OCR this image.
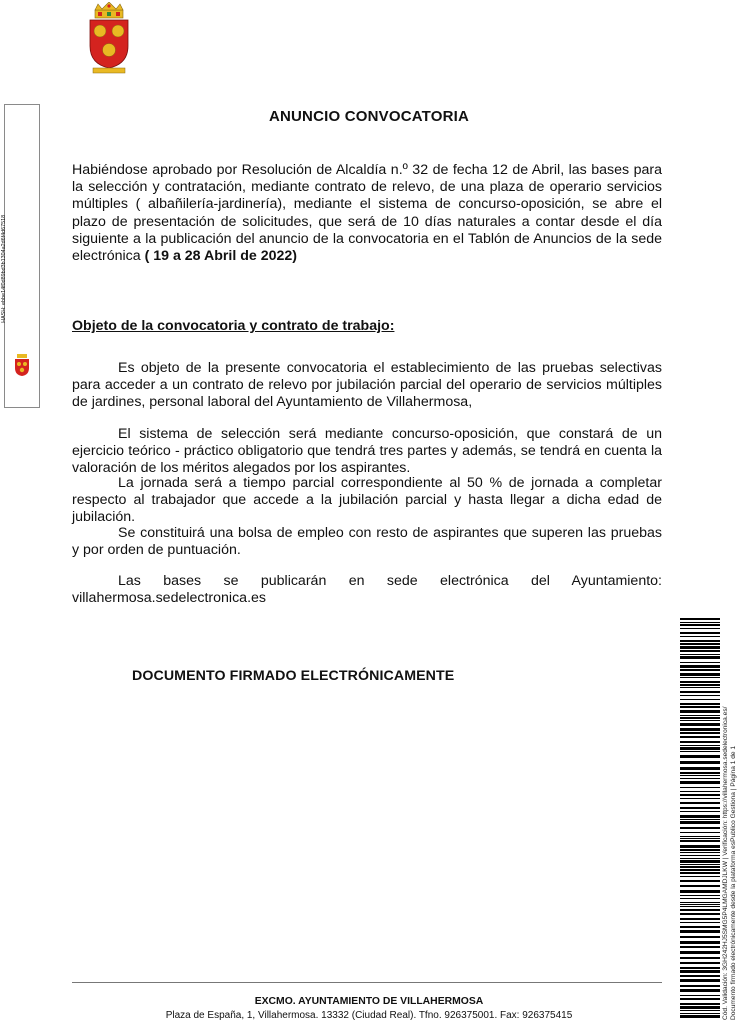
HASH: ebbe14f0d89bd3b1304a2d6f4d67518
ANUNCIO CONVOCATORIA
Habiéndose aprobado por Resolución de Alcaldía n.º 32 de fecha 12 de Abril, las bases para la selección y contratación, mediante contrato de relevo, de una plaza de operario servicios múltiples ( albañilería-jardinería), mediante el sistema de concurso-oposición, se abre el plazo de presentación de solicitudes, que será de 10 días naturales a contar desde el día siguiente a la publicación del anuncio de la convocatoria en el Tablón de Anuncios de la sede electrónica ( 19 a 28 Abril de 2022)
Objeto de la convocatoria y contrato de trabajo:
Es objeto de la presente convocatoria el establecimiento de las pruebas selectivas para acceder a un contrato de relevo por jubilación parcial del operario de servicios múltiples de jardines, personal laboral del Ayuntamiento de Villahermosa,
El sistema de selección será mediante concurso-oposición, que constará de un ejercicio teórico - práctico obligatorio que tendrá tres partes y además, se tendrá en cuenta la valoración de los méritos alegados por los aspirantes.
La jornada será a tiempo parcial correspondiente al 50 % de jornada a completar respecto al trabajador que accede a la jubilación parcial y hasta llegar a dicha edad de jubilación.
Se constituirá una bolsa de empleo con resto de aspirantes que superen las pruebas y por orden de puntuación.
Las bases se publicarán en sede electrónica del Ayuntamiento: villahermosa.sedelectronica.es
DOCUMENTO FIRMADO ELECTRÓNICAMENTE
Cód. Validación: 3GH242HJ5SMG5P4LMGAMDJLKW | Verificación: https://villahermosa.sedelectronica.es/ Documento firmado electrónicamente desde la plataforma esPublico Gestiona | Página 1 de 1
EXCMO. AYUNTAMIENTO DE VILLAHERMOSA
Plaza de España, 1, Villahermosa. 13332 (Ciudad Real). Tfno. 926375001. Fax: 926375415
